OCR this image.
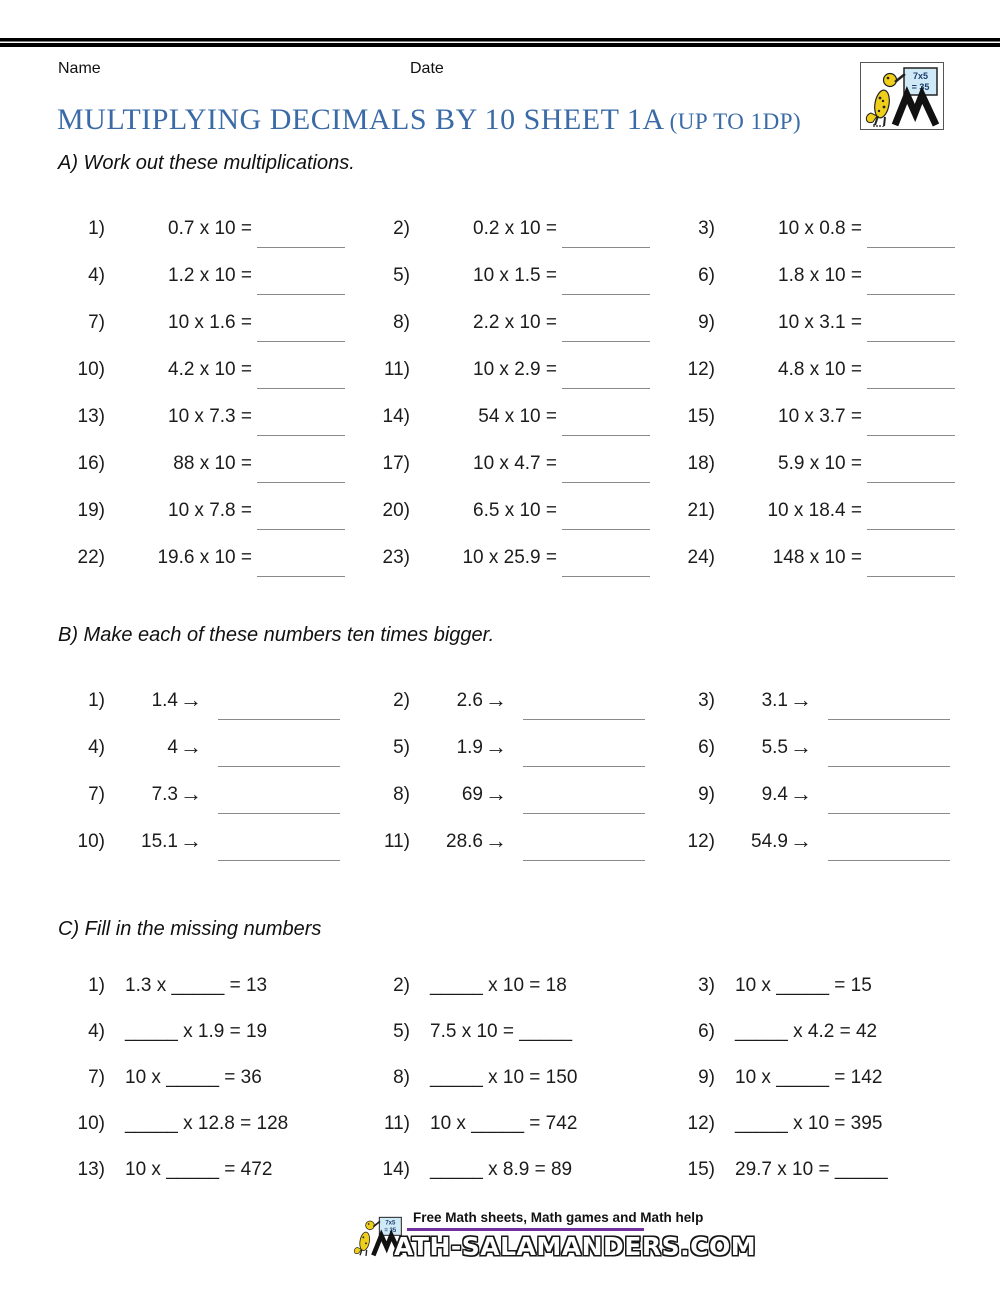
Name	Date	7x5
= 35
MULTIPLYING DECIMALS BY 10 SHEET 1A (UP TO 1DP)
A) Work out these multiplications.
1)	0.7 x 10 =	2)	0.2 x 10 =	3)	10 x 0.8 =
4)	1.2 x 10 =	5)	10 x 1.5 =	6)	1.8 x 10 =
7)	10 x 1.6 =	8)	2.2 x 10 =	9)	10 x 3.1 =
10)	4.2 x 10 =	11)	10 x 2.9 =	12)	4.8 x 10 =
13)	10 x 7.3 =	14)	54 x 10 =	15)	10 x 3.7 =
16)	88 x 10 =	17)	10 x 4.7 =	18)	5.9 x 10 =
19)	10 x 7.8 =	20)	6.5 x 10 =	21)	10 x 18.4 =
22)	19.6 x 10 =	23)	10 x 25.9 =	24)	148 x 10 =
B) Make each of these numbers ten times bigger.
1)	1.4 →	2)	2.6 →	3)	3.1 →
4)	4 →	5)	1.9 →	6)	5.5 →
7)	7.3 →	8)	69 →	9)	9.4 →
10)	15.1 →	11)	28.6 →	12)	54.9 →
C) Fill in the missing numbers
1) 1.3 x _____ = 13	2) _____ x 10 = 18	3) 10 x _____ = 15
4) _____ x 1.9 = 19	5) 7.5 x 10 = _____	6) _____ x 4.2 = 42
7) 10 x _____ = 36	8) _____ x 10 = 150	9) 10 x _____ = 142
10) _____ x 12.8 = 128	11) 10 x _____ = 742	12) _____ x 10 = 395
13) 10 x _____ = 472	14) _____ x 8.9 = 89	15) 29.7 x 10 = _____
7x5
= 35
Free Math sheets, Math games and Math help
ATH-SALAMANDERS.COM
